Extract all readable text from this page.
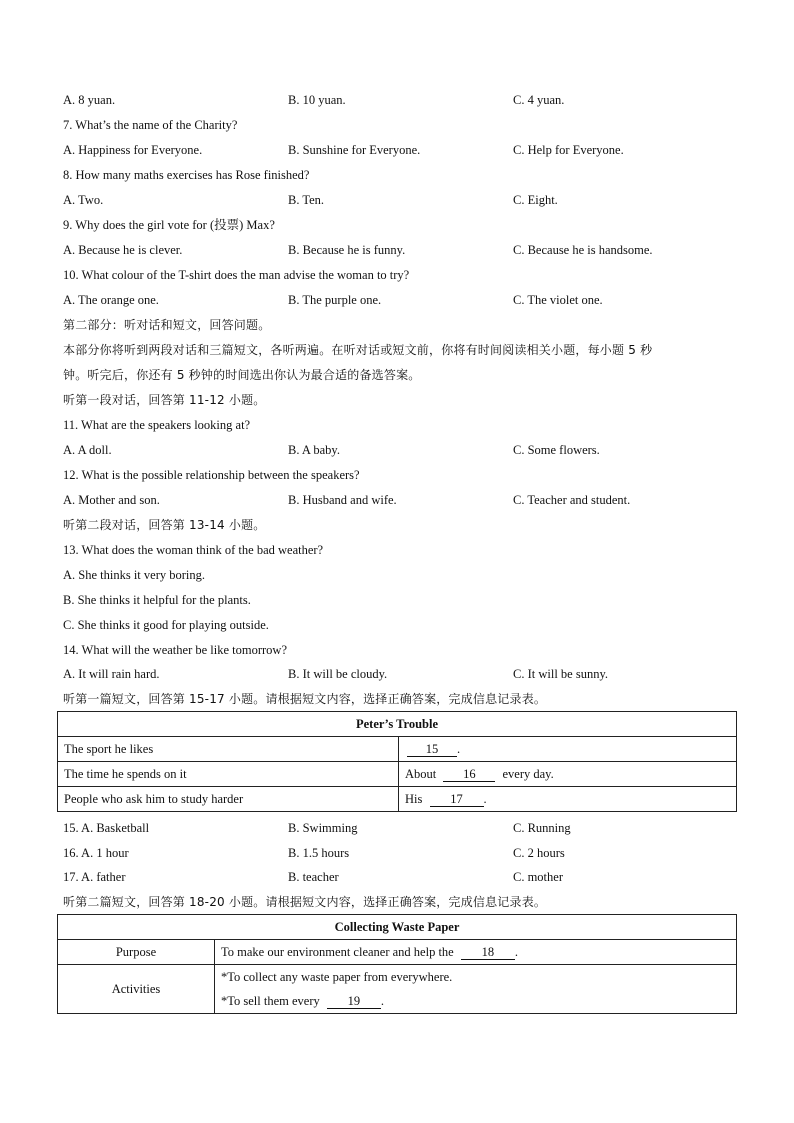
A. 8 yuan.	B. 10 yuan.	C. 4 yuan.
7. What’s the name of the Charity?
A. Happiness for Everyone.	B. Sunshine for Everyone.	C. Help for Everyone.
8. How many maths exercises has Rose finished?
A. Two.	B. Ten.	C. Eight.
9. Why does the girl vote for (投票) Max?
A. Because he is clever.	B. Because he is funny.	C. Because he is handsome.
10. What colour of the T-shirt does the man advise the woman to try?
A. The orange one.	B. The purple one.	C. The violet one.
第二部分：听对话和短文，回答问题。
本部分你将听到两段对话和三篇短文，各听两遍。在听对话或短文前，你将有时间阅读相关小题，每小题 5 秒
钟。听完后，你还有 5 秒钟的时间选出你认为最合适的备选答案。
听第一段对话，回答第 11-12 小题。
11. What are the speakers looking at?
A. A doll.	B. A baby.	C. Some flowers.
12. What is the possible relationship between the speakers?
A. Mother and son.	B. Husband and wife.	C. Teacher and student.
听第二段对话，回答第 13-14 小题。
13. What does the woman think of the bad weather?
A. She thinks it very boring.
B. She thinks it helpful for the plants.
C. She thinks it good for playing outside.
14. What will the weather be like tomorrow?
A. It will rain hard.	B. It will be cloudy.	C. It will be sunny.
听第一篇短文，回答第 15-17 小题。请根据短文内容，选择正确答案，完成信息记录表。
Peter’s Trouble	
The sport he likes	15 .
The time he spends on it	About 16 every day.
People who ask him to study harder	His 17 .
15. A. Basketball	B. Swimming	C. Running
16. A. 1 hour	B. 1.5 hours	C. 2 hours
17. A. father	B. teacher	C. mother
听第二篇短文，回答第 18-20 小题。请根据短文内容，选择正确答案，完成信息记录表。
Collecting Waste Paper	
Purpose	To make our environment cleaner and help the 18 .
Activities	*To collect any waste paper from everywhere.
*To sell them every 19 .
